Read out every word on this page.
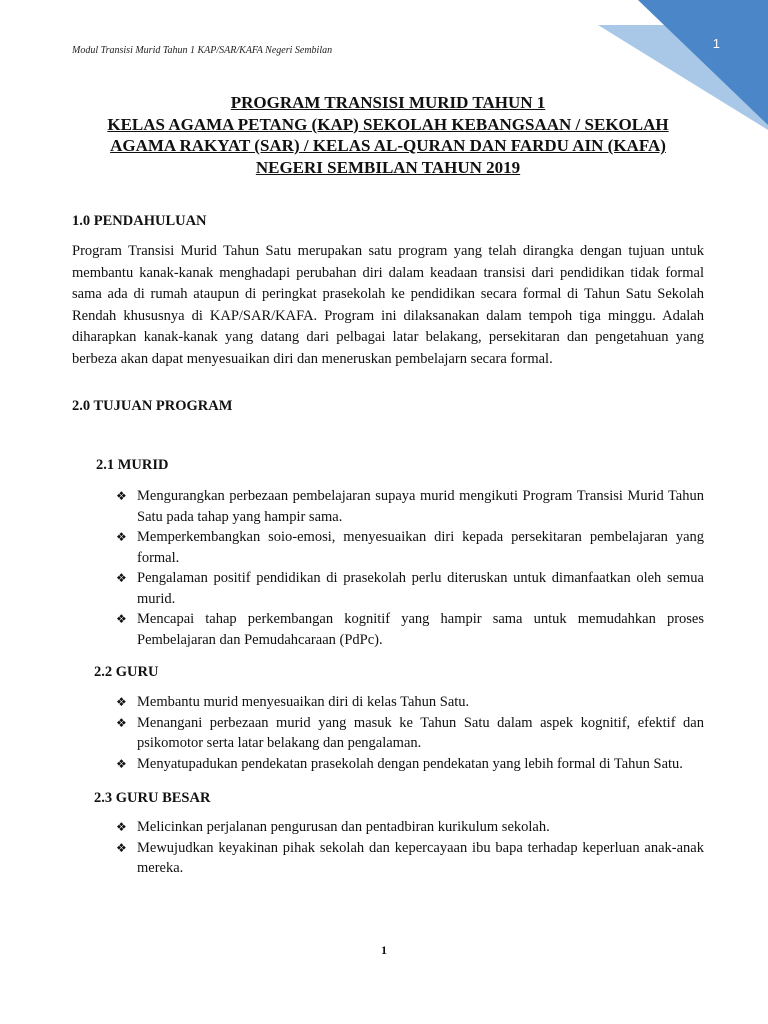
1
Modul Transisi Murid Tahun 1 KAP/SAR/KAFA Negeri Sembilan
PROGRAM TRANSISI MURID TAHUN 1
KELAS AGAMA PETANG (KAP) SEKOLAH KEBANGSAAN / SEKOLAH
AGAMA RAKYAT (SAR) / KELAS AL-QURAN DAN FARDU AIN (KAFA)
NEGERI SEMBILAN TAHUN 2019
1.0 PENDAHULUAN
Program Transisi Murid Tahun Satu merupakan satu program yang telah dirangka dengan tujuan untuk membantu kanak-kanak menghadapi perubahan diri dalam keadaan transisi dari pendidikan tidak formal sama ada di rumah ataupun di peringkat prasekolah ke pendidikan secara formal di Tahun Satu Sekolah Rendah khususnya di KAP/SAR/KAFA. Program ini dilaksanakan dalam tempoh tiga minggu. Adalah diharapkan kanak-kanak yang datang dari pelbagai latar belakang, persekitaran dan pengetahuan yang berbeza akan dapat menyesuaikan diri dan meneruskan pembelajarn secara formal.
2.0 TUJUAN PROGRAM
2.1 MURID
❖ Mengurangkan perbezaan pembelajaran supaya murid mengikuti Program Transisi Murid Tahun Satu pada tahap yang hampir sama.
❖ Memperkembangkan soio-emosi, menyesuaikan diri kepada persekitaran pembelajaran yang formal.
❖ Pengalaman positif pendidikan di prasekolah perlu diteruskan untuk dimanfaatkan oleh semua murid.
❖ Mencapai tahap perkembangan kognitif yang hampir sama untuk memudahkan proses Pembelajaran dan Pemudahcaraan (PdPc).
2.2 GURU
❖ Membantu murid menyesuaikan diri di kelas Tahun Satu.
❖ Menangani perbezaan murid yang masuk ke Tahun Satu dalam aspek kognitif, efektif dan psikomotor serta latar belakang dan pengalaman.
❖ Menyatupadukan pendekatan prasekolah dengan pendekatan yang lebih formal di Tahun Satu.
2.3 GURU BESAR
❖ Melicinkan perjalanan pengurusan dan pentadbiran kurikulum sekolah.
❖ Mewujudkan keyakinan pihak sekolah dan kepercayaan ibu bapa terhadap keperluan anak-anak mereka.
1
